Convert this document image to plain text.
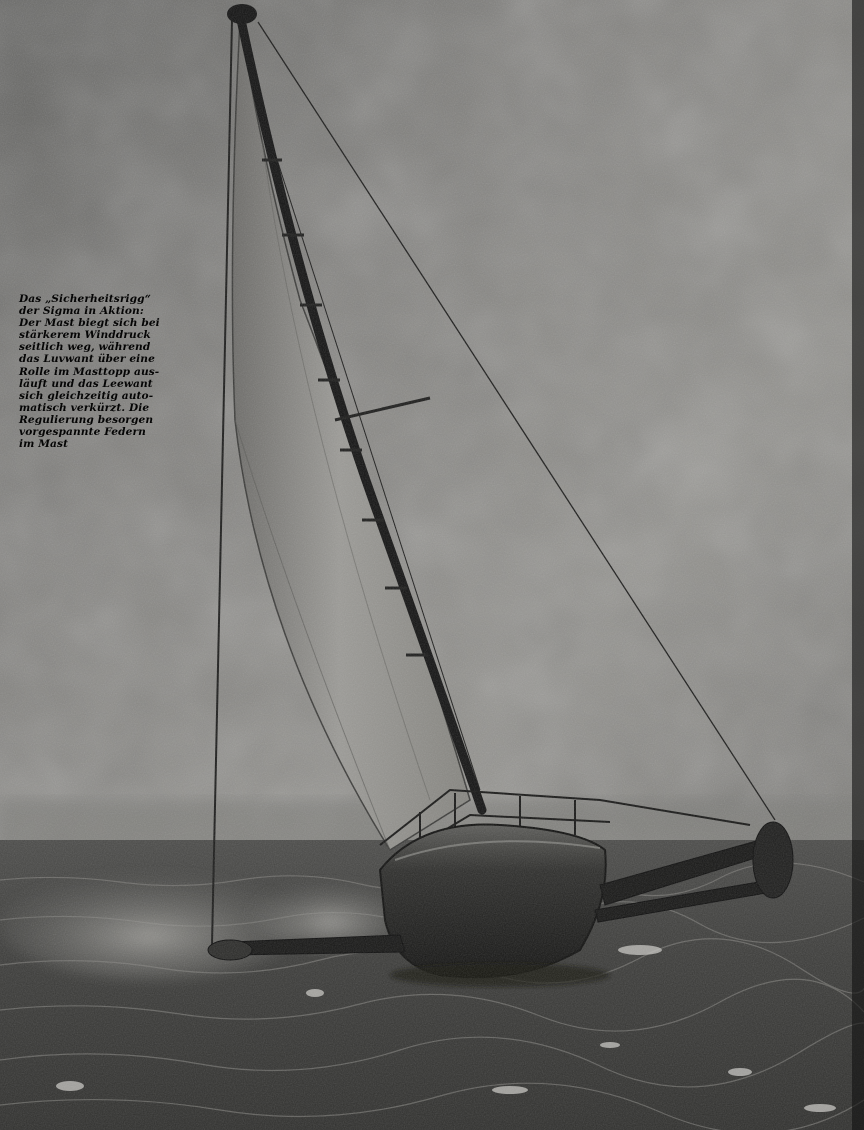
Das „Sicherheitsrigg“
der Sigma in Aktion:
Der Mast biegt sich bei
stärkerem Winddruck
seitlich weg, während
das Luvwant über eine
Rolle im Masttopp aus-
läuft und das Leewant
sich gleichzeitig auto-
matisch verkürzt. Die
Regulierung besorgen
vorgespannte Federn
im Mast
